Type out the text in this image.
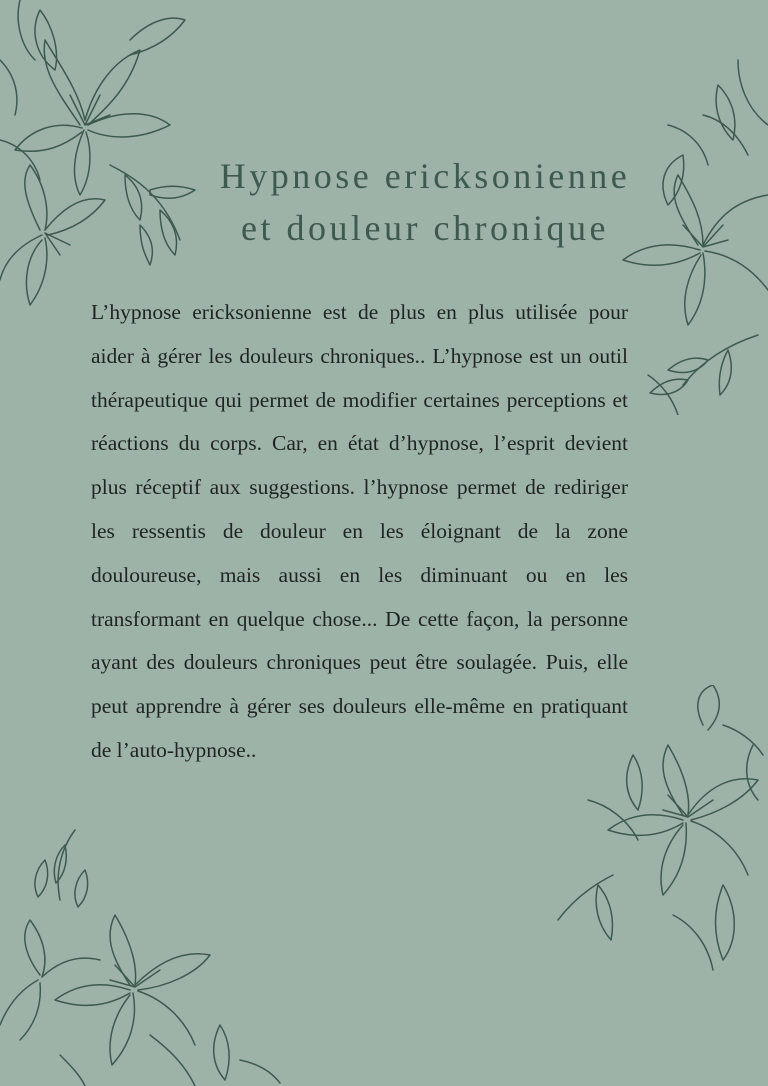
Hypnose ericksonienne
et douleur chronique

L’hypnose ericksonienne est de plus en plus utilisée pour aider à gérer les douleurs chroniques.. L’hypnose est un outil thérapeutique qui permet de modifier certaines perceptions et réactions du corps. Car, en état d’hypnose, l’esprit devient plus réceptif aux suggestions. l’hypnose permet de rediriger les ressentis de douleur en les éloignant de la zone douloureuse, mais aussi en les diminuant ou en les transformant en quelque chose... De cette façon, la personne ayant des douleurs chroniques peut être soulagée. Puis, elle peut apprendre à gérer ses douleurs elle-même en pratiquant de l’auto-hypnose..
